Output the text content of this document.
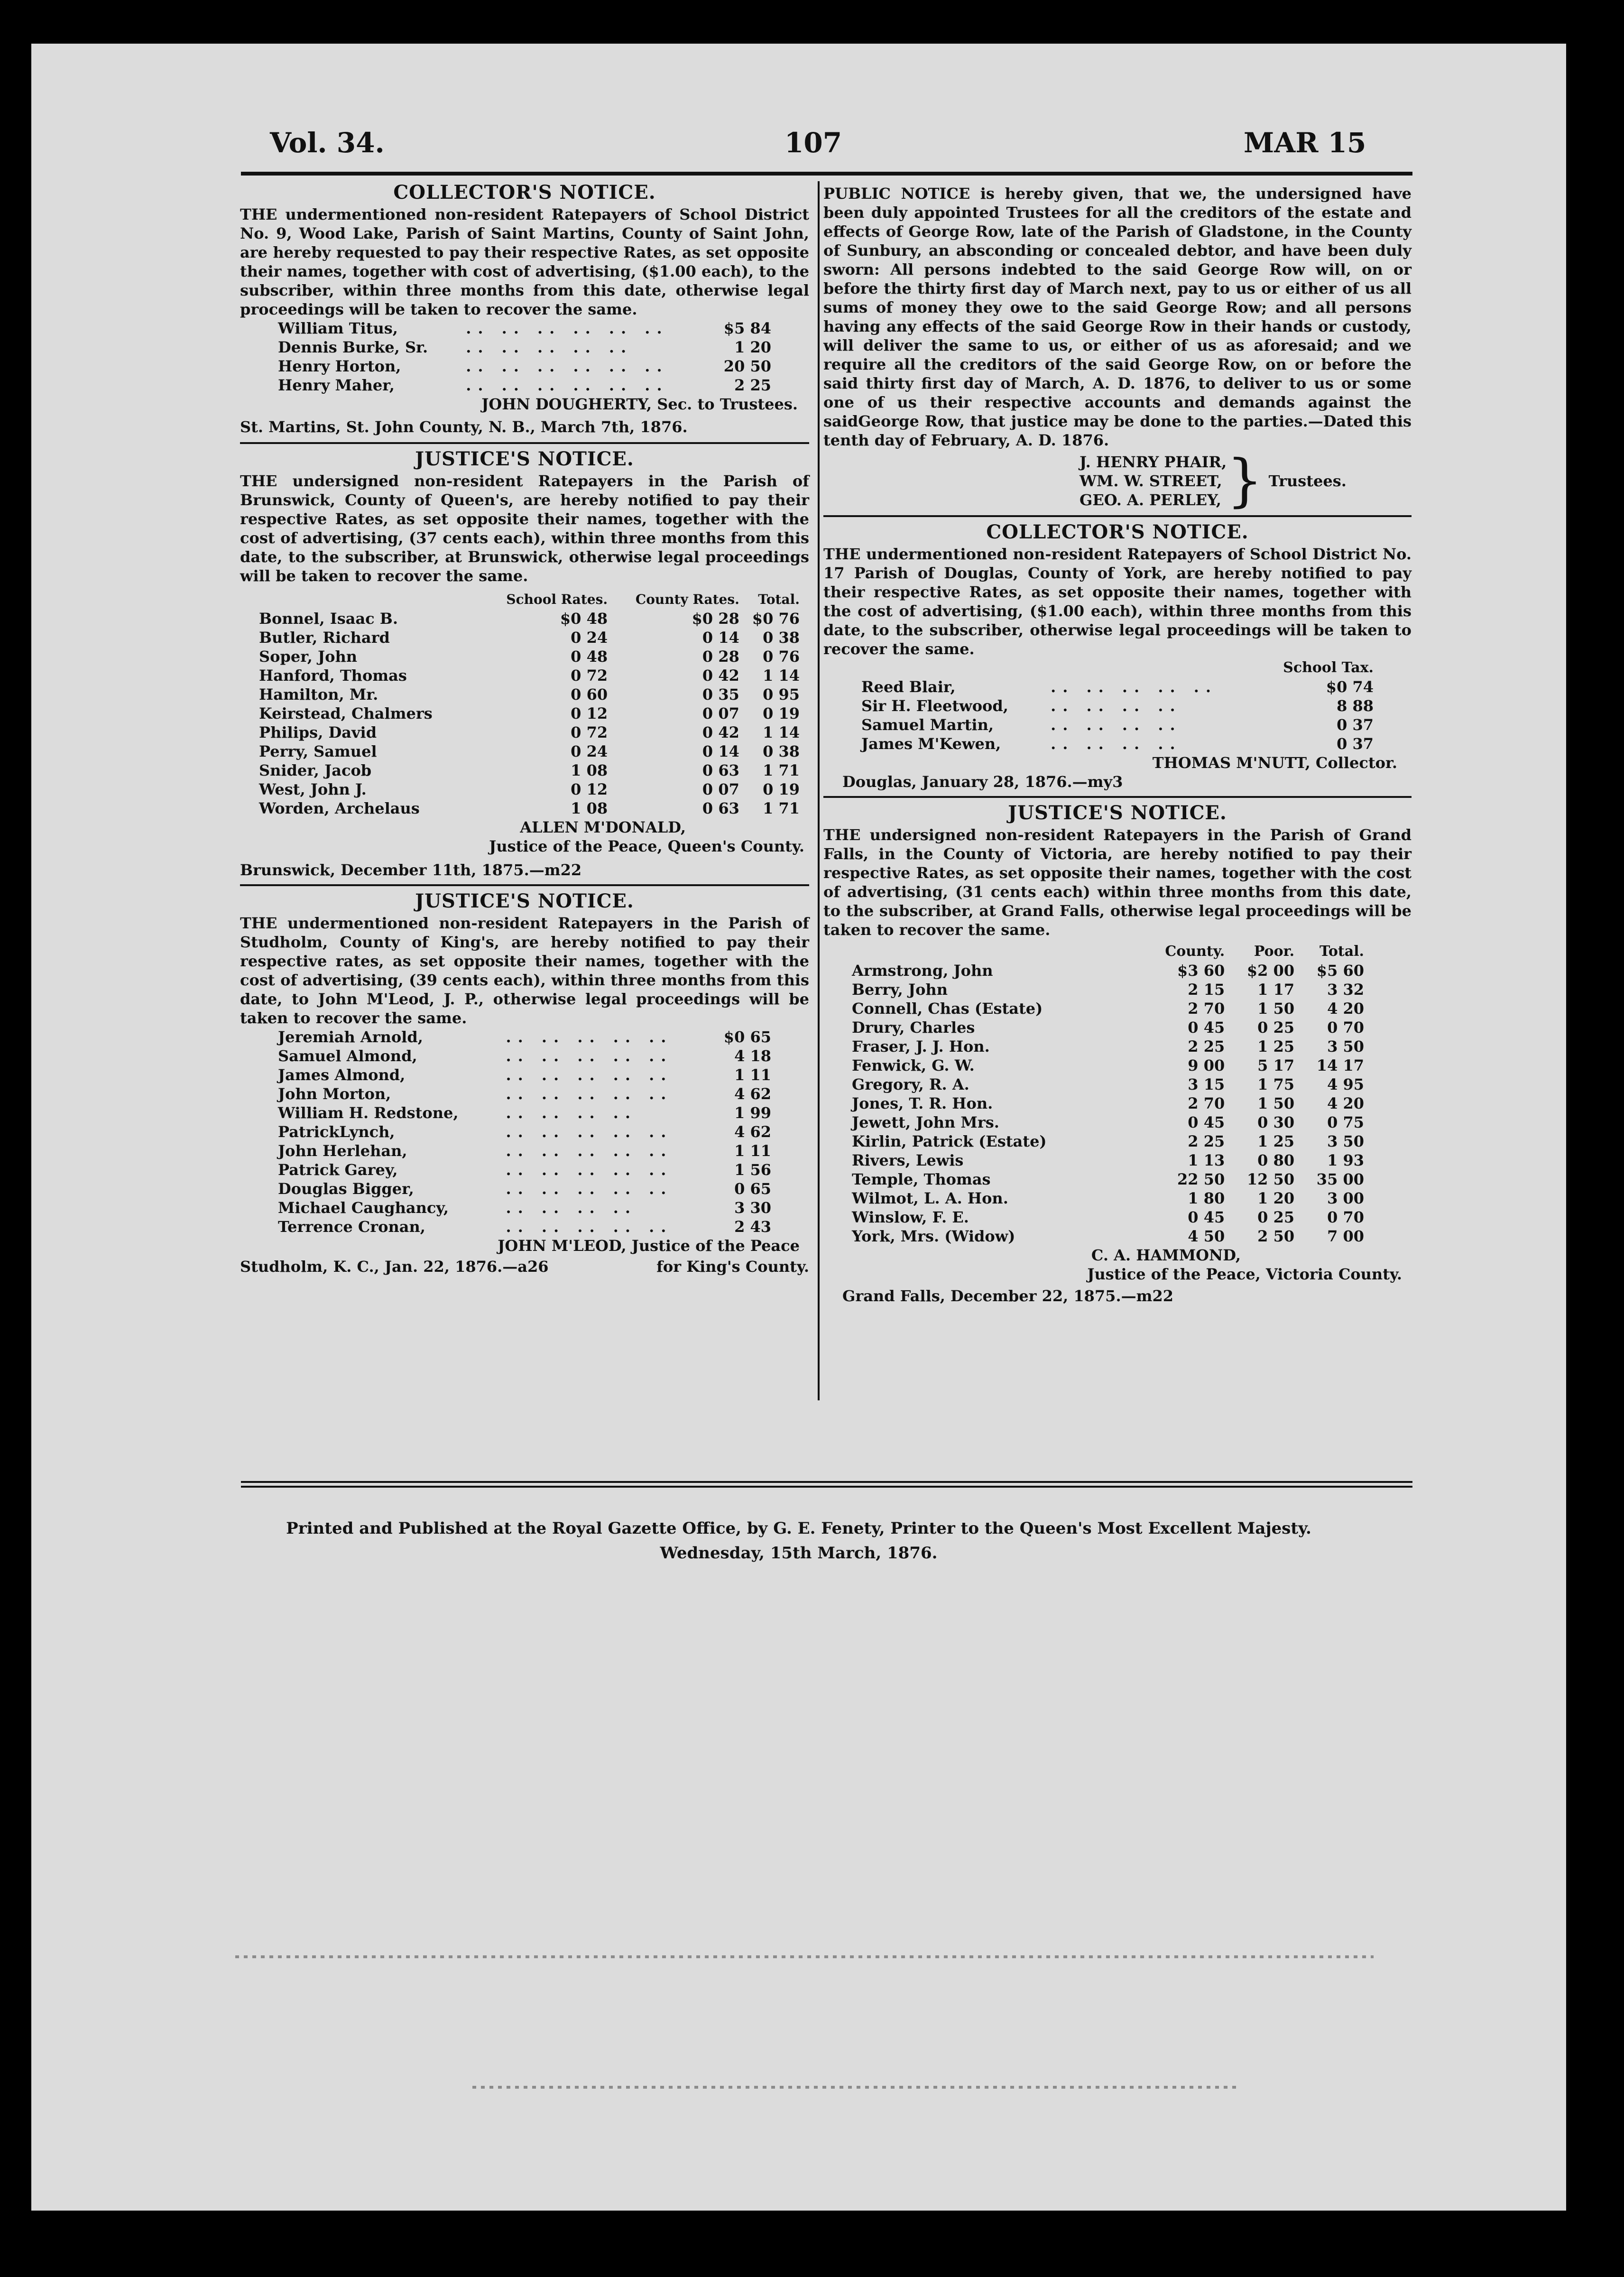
Vol. 34.	107	MAR 15

COLLECTOR'S NOTICE.

THE undermentioned non-resident Ratepayers of School District No. 9, Wood Lake, Parish of Saint Martins, County of Saint John, are hereby requested to pay their respective Rates, as set opposite their names, together with cost of advertising, ($1.00 each), to the subscriber, within three months from this date, otherwise legal proceedings will be taken to recover the same.

William Titus,	.. .. .. .. .. ..	$5 84
Dennis Burke, Sr.	.. .. .. .. ..	1 20
Henry Horton,	.. .. .. .. .. ..	20 50
Henry Maher,	.. .. .. .. .. ..	2 25

JOHN DOUGHERTY, Sec. to Trustees.

St. Martins, St. John County, N. B., March 7th, 1876.

JUSTICE'S NOTICE.

THE undersigned non-resident Ratepayers in the Parish of Brunswick, County of Queen's, are hereby notified to pay their respective Rates, as set opposite their names, together with the cost of advertising, (37 cents each), within three months from this date, to the subscriber, at Brunswick, otherwise legal proceedings will be taken to recover the same.

	School Rates.	County Rates.	Total.
Bonnel, Isaac B.	$0 48	$0 28	$0 76
Butler, Richard	0 24	0 14	0 38
Soper, John	0 48	0 28	0 76
Hanford, Thomas	0 72	0 42	1 14
Hamilton, Mr.	0 60	0 35	0 95
Keirstead, Chalmers	0 12	0 07	0 19
Philips, David	0 72	0 42	1 14
Perry, Samuel	0 24	0 14	0 38
Snider, Jacob	1 08	0 63	1 71
West, John J.	0 12	0 07	0 19
Worden, Archelaus	1 08	0 63	1 71

ALLEN M'DONALD,

Justice of the Peace, Queen's County.

Brunswick, December 11th, 1875.—m22

JUSTICE'S NOTICE.

THE undermentioned non-resident Ratepayers in the Parish of Studholm, County of King's, are hereby notified to pay their respective rates, as set opposite their names, together with the cost of advertising, (39 cents each), within three months from this date, to John M'Leod, J. P., otherwise legal proceedings will be taken to recover the same.

Jeremiah Arnold,	.. .. .. .. ..	$0 65
Samuel Almond,	.. .. .. .. ..	4 18
James Almond,	.. .. .. .. ..	1 11
John Morton,	.. .. .. .. ..	4 62
William H. Redstone,	.. .. .. ..	1 99
PatrickLynch,	.. .. .. .. ..	4 62
John Herlehan,	.. .. .. .. ..	1 11
Patrick Garey,	.. .. .. .. ..	1 56
Douglas Bigger,	.. .. .. .. ..	0 65
Michael Caughancy,	.. .. .. ..	3 30
Terrence Cronan,	.. .. .. .. ..	2 43

JOHN M'LEOD, Justice of the Peace

Studholm, K. C., Jan. 22, 1876.—a26	for King's County.

PUBLIC NOTICE is hereby given, that we, the undersigned have been duly appointed Trustees for all the creditors of the estate and effects of George Row, late of the Parish of Gladstone, in the County of Sunbury, an absconding or concealed debtor, and have been duly sworn: All persons indebted to the said George Row will, on or before the thirty first day of March next, pay to us or either of us all sums of money they owe to the said George Row; and all persons having any effects of the said George Row in their hands or custody, will deliver the same to us, or either of us as aforesaid; and we require all the creditors of the said George Row, on or before the said thirty first day of March, A. D. 1876, to deliver to us or some one of us their respective accounts and demands against the saidGeorge Row, that justice may be done to the parties.—Dated this tenth day of February, A. D. 1876.

J. HENRY PHAIR,
WM. W. STREET,
GEO. A. PERLEY, } Trustees.

COLLECTOR'S NOTICE.

THE undermentioned non-resident Ratepayers of School District No. 17 Parish of Douglas, County of York, are hereby notified to pay their respective Rates, as set opposite their names, together with the cost of advertising, ($1.00 each), within three months from this date, to the subscriber, otherwise legal proceedings will be taken to recover the same.

		School Tax.
Reed Blair,	.. .. .. .. ..	$0 74
Sir H. Fleetwood,	.. .. .. ..	8 88
Samuel Martin,	.. .. .. ..	0 37
James M'Kewen,	.. .. .. ..	0 37

THOMAS M'NUTT, Collector.

Douglas, January 28, 1876.—my3

JUSTICE'S NOTICE.

THE undersigned non-resident Ratepayers in the Parish of Grand Falls, in the County of Victoria, are hereby notified to pay their respective Rates, as set opposite their names, together with the cost of advertising, (31 cents each) within three months from this date, to the subscriber, at Grand Falls, otherwise legal proceedings will be taken to recover the same.

	County.	Poor.	Total.
Armstrong, John	$3 60	$2 00	$5 60
Berry, John	2 15	1 17	3 32
Connell, Chas (Estate)	2 70	1 50	4 20
Drury, Charles	0 45	0 25	0 70
Fraser, J. J. Hon.	2 25	1 25	3 50
Fenwick, G. W.	9 00	5 17	14 17
Gregory, R. A.	3 15	1 75	4 95
Jones, T. R. Hon.	2 70	1 50	4 20
Jewett, John Mrs.	0 45	0 30	0 75
Kirlin, Patrick (Estate)	2 25	1 25	3 50
Rivers, Lewis	1 13	0 80	1 93
Temple, Thomas	22 50	12 50	35 00
Wilmot, L. A. Hon.	1 80	1 20	3 00
Winslow, F. E.	0 45	0 25	0 70
York, Mrs. (Widow)	4 50	2 50	7 00

C. A. HAMMOND,

Justice of the Peace, Victoria County.

Grand Falls, December 22, 1875.—m22

Printed and Published at the Royal Gazette Office, by G. E. Fenety, Printer to the Queen's Most Excellent Majesty.
Wednesday, 15th March, 1876.
